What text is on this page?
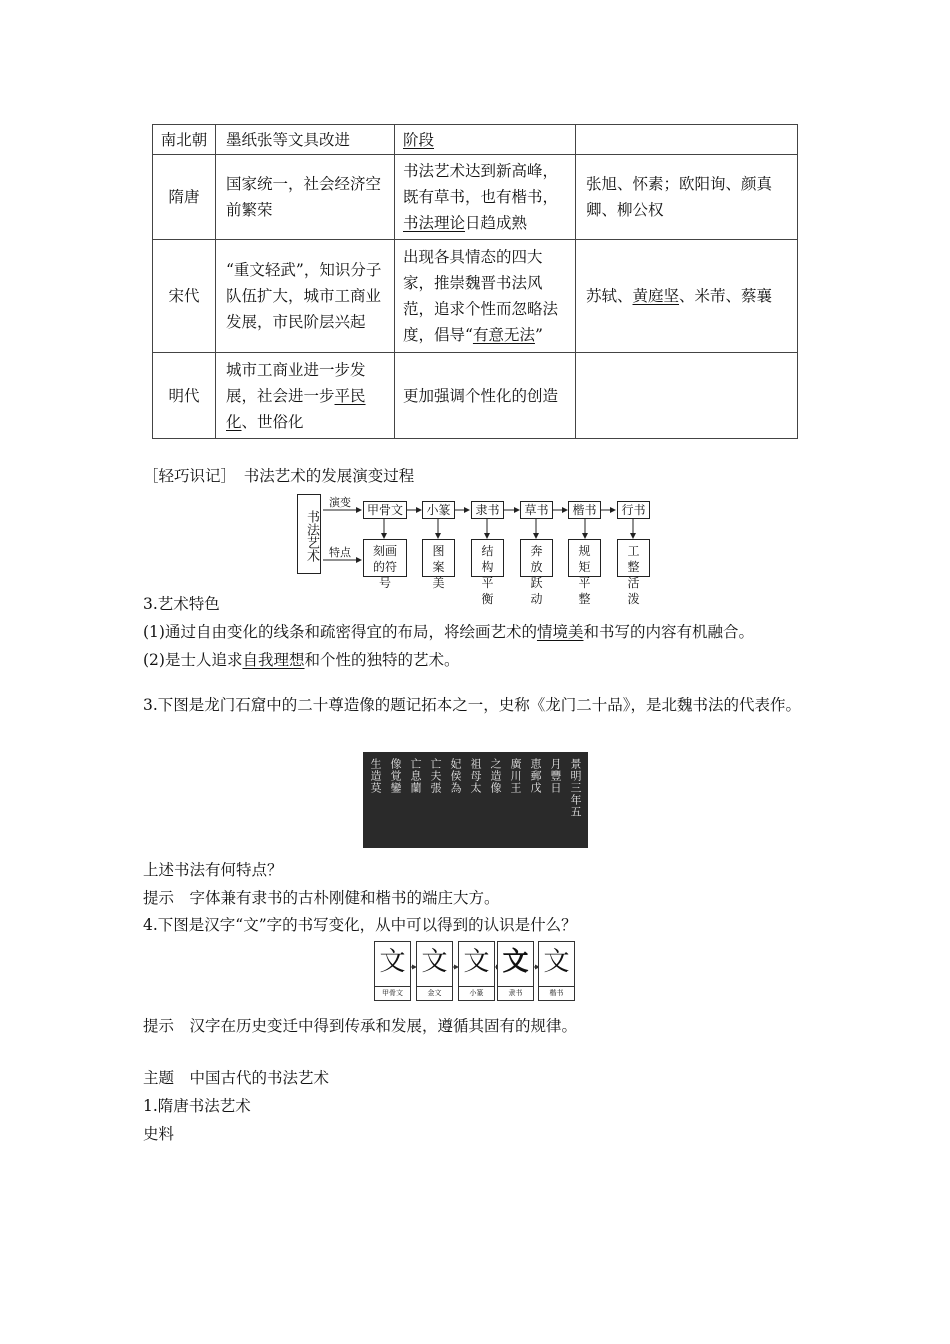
南北朝	墨纸张等文具改进	阶段	
隋唐	国家统一，社会经济空前繁荣	书法艺术达到新高峰，既有草书，也有楷书，书法理论日趋成熟	张旭、怀素；欧阳询、颜真卿、柳公权
宋代	“重文轻武”，知识分子队伍扩大，城市工商业发展，市民阶层兴起	出现各具情态的四大家，推崇魏晋书法风范，追求个性而忽略法度，倡导“有意无法”	苏轼、黄庭坚、米芾、蔡襄
明代	城市工商业进一步发展，社会进一步平民化、世俗化	更加强调个性化的创造	
［轻巧识记］　书法艺术的发展演变过程
书法艺术
演变
特点
甲骨文	小篆	隶书	草书	楷书	行书
刻画的符号
图案美
结构平衡
奔放跃动
规矩平整
工整活泼
3.艺术特色
(1)通过自由变化的线条和疏密得宜的布局，将绘画艺术的情境美和书写的内容有机融合。
(2)是士人追求自我理想和个性的独特的艺术。
3.下图是龙门石窟中的二十尊造像的题记拓本之一，史称《龙门二十品》，是北魏书法的代表作。
景明三年五
月豐日
恵郵戊
廣川王
之造像
祖母太
妃侯為
亡夫張
亡息蘭
像覚鑾
生造莫
上述书法有何特点？
提示　字体兼有隶书的古朴刚健和楷书的端庄大方。
4.下图是汉字“文”字的书写变化，从中可以得到的认识是什么？
文
甲骨文
文
金文
文
小篆
文
隶书
文
楷书
提示　汉字在历史变迁中得到传承和发展，遵循其固有的规律。
主题　中国古代的书法艺术
1.隋唐书法艺术
史料
